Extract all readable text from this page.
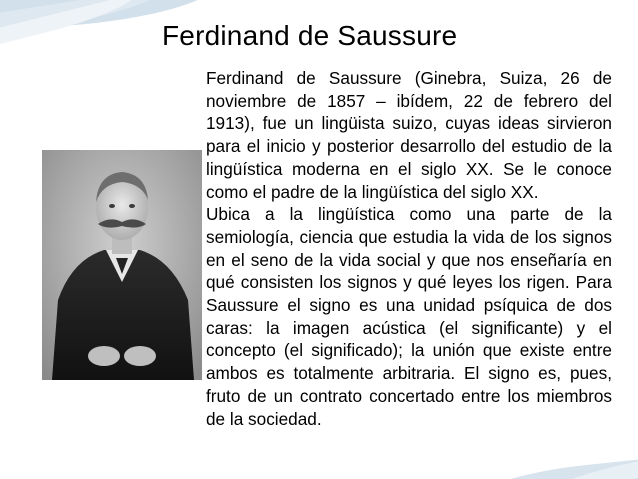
Ferdinand de Saussure

Ferdinand de Saussure (Ginebra, Suiza, 26 de noviembre de 1857 – ibídem, 22 de febrero del 1913), fue un lingüista suizo, cuyas ideas sirvieron para el inicio y posterior desarrollo del estudio de la lingüística moderna en el siglo XX. Se le conoce como el padre de la lingüística del siglo XX.

Ubica a la lingüística como una parte de la semiología, ciencia que estudia la vida de los signos en el seno de la vida social y que nos enseñaría en qué consisten los signos y qué leyes los rigen. Para Saussure el signo es una unidad psíquica de dos caras: la imagen acústica (el significante) y el concepto (el significado); la unión que existe entre ambos es totalmente arbitraria. El signo es, pues, fruto de un contrato concertado entre los miembros de la sociedad.
